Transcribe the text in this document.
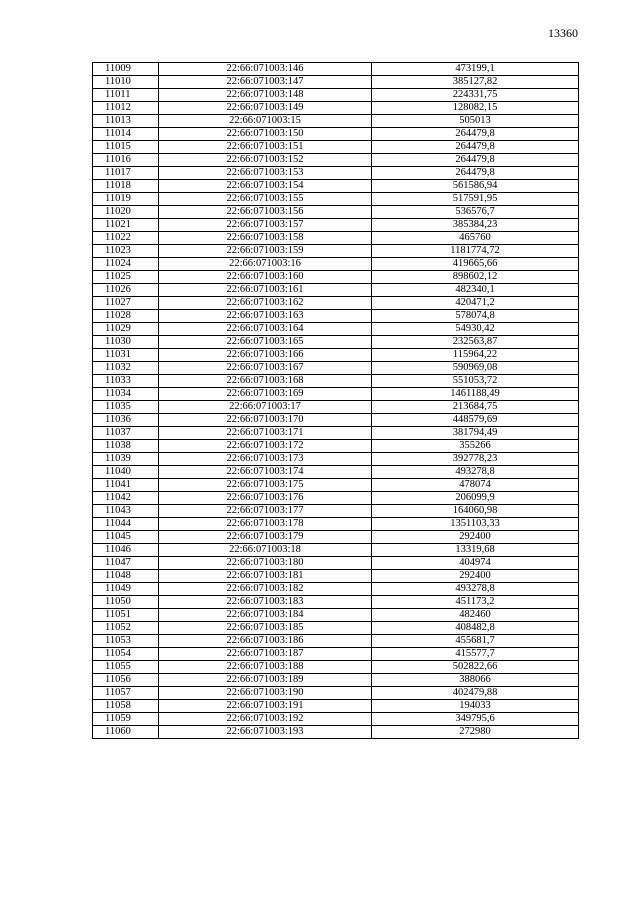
13360
11009	22:66:071003:146	473199,1
11010	22:66:071003:147	385127,82
11011	22:66:071003:148	224331,75
11012	22:66:071003:149	128082,15
11013	22:66:071003:15	505013
11014	22:66:071003:150	264479,8
11015	22:66:071003:151	264479,8
11016	22:66:071003:152	264479,8
11017	22:66:071003:153	264479,8
11018	22:66:071003:154	561586,94
11019	22:66:071003:155	517591,95
11020	22:66:071003:156	536576,7
11021	22:66:071003:157	385384,23
11022	22:66:071003:158	465760
11023	22:66:071003:159	1181774,72
11024	22:66:071003:16	419665,66
11025	22:66:071003:160	898602,12
11026	22:66:071003:161	482340,1
11027	22:66:071003:162	420471,2
11028	22:66:071003:163	578074,8
11029	22:66:071003:164	54930,42
11030	22:66:071003:165	232563,87
11031	22:66:071003:166	115964,22
11032	22:66:071003:167	590969,08
11033	22:66:071003:168	551053,72
11034	22:66:071003:169	1461188,49
11035	22:66:071003:17	213684,75
11036	22:66:071003:170	448579,69
11037	22:66:071003:171	381794,49
11038	22:66:071003:172	355266
11039	22:66:071003:173	392778,23
11040	22:66:071003:174	493278,8
11041	22:66:071003:175	478074
11042	22:66:071003:176	206099,9
11043	22:66:071003:177	164060,98
11044	22:66:071003:178	1351103,33
11045	22:66:071003:179	292400
11046	22:66:071003:18	13319,68
11047	22:66:071003:180	404974
11048	22:66:071003:181	292400
11049	22:66:071003:182	493278,8
11050	22:66:071003:183	451173,2
11051	22:66:071003:184	482460
11052	22:66:071003:185	408482,8
11053	22:66:071003:186	455681,7
11054	22:66:071003:187	415577,7
11055	22:66:071003:188	502822,66
11056	22:66:071003:189	388066
11057	22:66:071003:190	402479,88
11058	22:66:071003:191	194033
11059	22:66:071003:192	349795,6
11060	22:66:071003:193	272980
